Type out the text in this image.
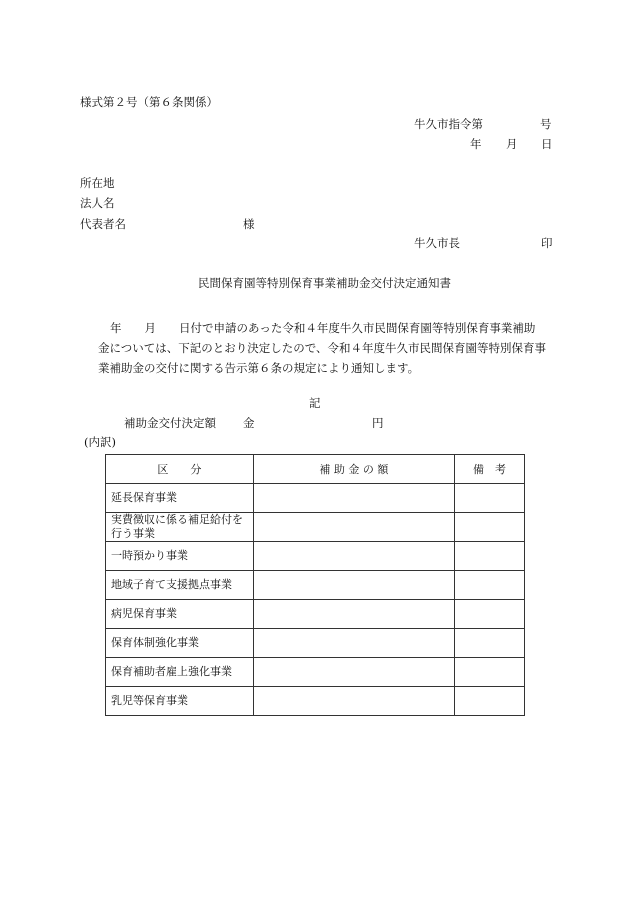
様式第２号（第６条関係）
牛久市指令第	号
年 月 日
所在地
法人名
代表者名	様
牛久市長	印
民間保育園等特別保育事業補助金交付決定通知書
年　　月　　日付で申請のあった令和４年度牛久市民間保育園等特別保育事業補助
金については、下記のとおり決定したので、令和４年度牛久市民間保育園等特別保育事
業補助金の交付に関する告示第６条の規定により通知します。
記
補助金交付決定額 金	円
(内訳)
区　　分	補 助 金 の 額	備　考
延長保育事業		
実費徴収に係る補足給付を行う事業		
一時預かり事業		
地域子育て支援拠点事業		
病児保育事業		
保育体制強化事業		
保育補助者雇上強化事業		
乳児等保育事業		
